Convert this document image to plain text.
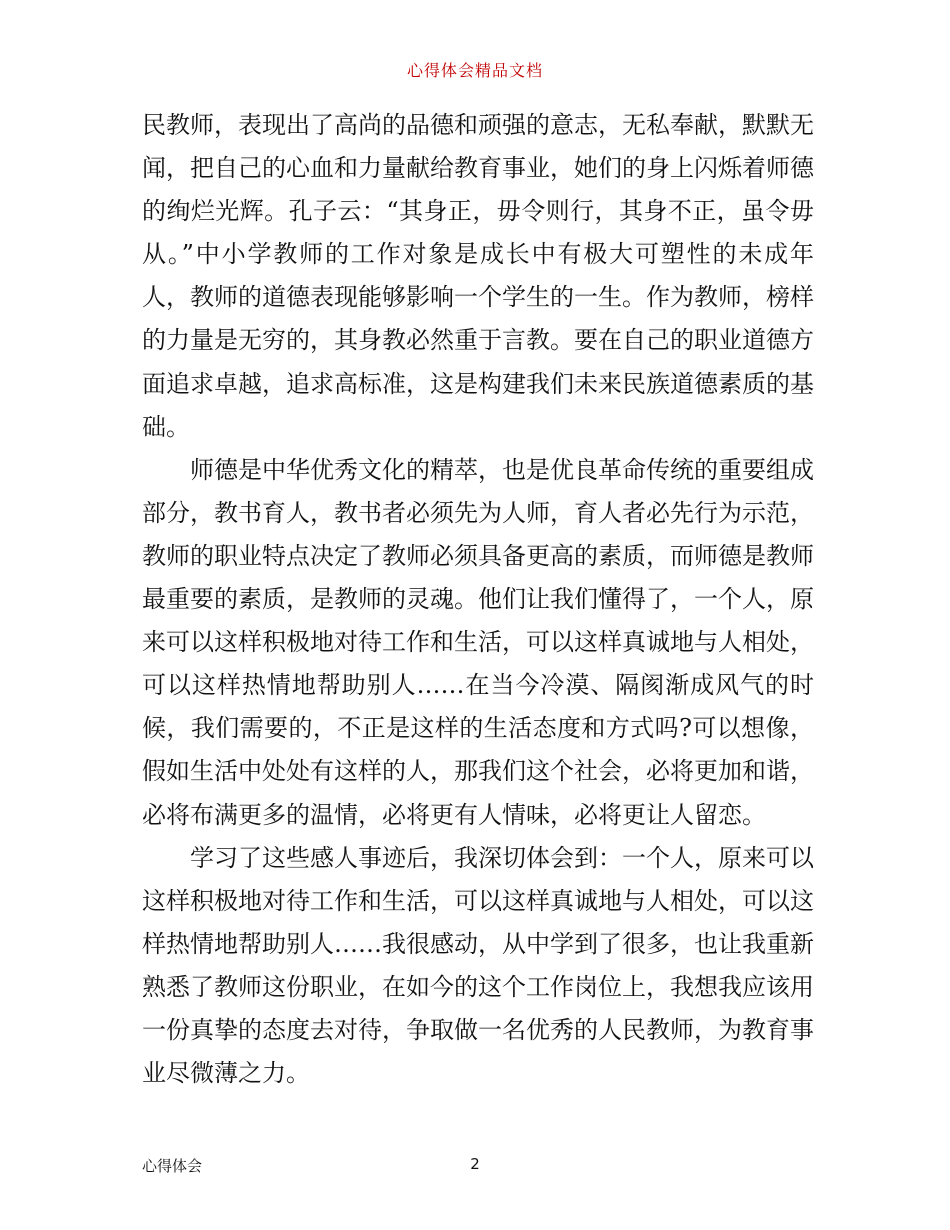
心得体会精品文档

民教师，表现出了高尚的品德和顽强的意志，无私奉献，默默无闻，把自己的心血和力量献给教育事业，她们的身上闪烁着师德的绚烂光辉。孔子云：“其身正，毋令则行，其身不正，虽令毋从。”中小学教师的工作对象是成长中有极大可塑性的未成年人，教师的道德表现能够影响一个学生的一生。作为教师，榜样的力量是无穷的，其身教必然重于言教。要在自己的职业道德方面追求卓越，追求高标准，这是构建我们未来民族道德素质的基础。

师德是中华优秀文化的精萃，也是优良革命传统的重要组成部分，教书育人，教书者必须先为人师，育人者必先行为示范，教师的职业特点决定了教师必须具备更高的素质，而师德是教师最重要的素质，是教师的灵魂。他们让我们懂得了，一个人，原来可以这样积极地对待工作和生活，可以这样真诚地与人相处，可以这样热情地帮助别人……在当今冷漠、隔阂渐成风气的时候，我们需要的，不正是这样的生活态度和方式吗?可以想像，假如生活中处处有这样的人，那我们这个社会，必将更加和谐，必将布满更多的温情，必将更有人情味，必将更让人留恋。

学习了这些感人事迹后，我深切体会到：一个人，原来可以这样积极地对待工作和生活，可以这样真诚地与人相处，可以这样热情地帮助别人……我很感动，从中学到了很多，也让我重新熟悉了教师这份职业，在如今的这个工作岗位上，我想我应该用一份真挚的态度去对待，争取做一名优秀的人民教师，为教育事业尽微薄之力。

心得体会	2
